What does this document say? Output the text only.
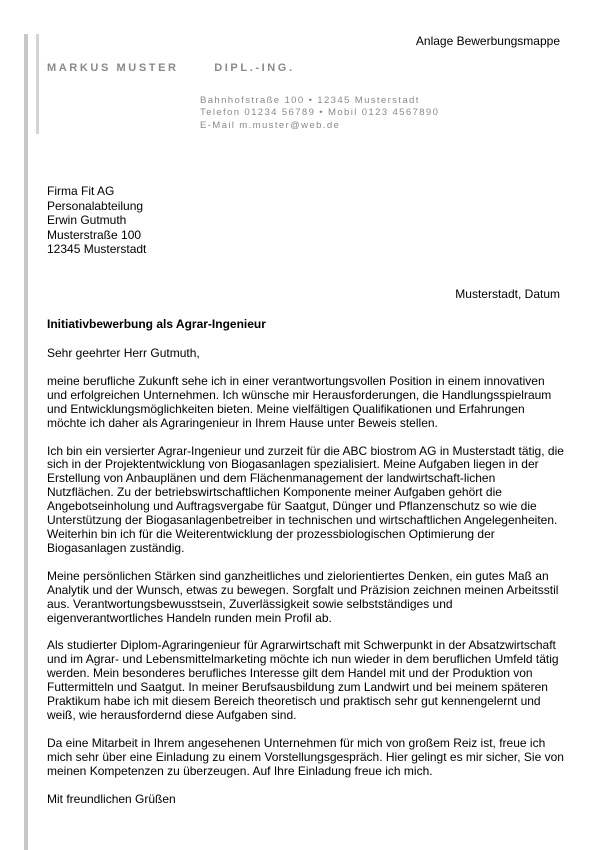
Anlage Bewerbungsmappe
MARKUS MUSTER	DIPL.-ING.
Bahnhofstraße 100 • 12345 Musterstadt
Telefon 01234 56789 • Mobil 0123 4567890
E-Mail m.muster@web.de
Firma Fit AG
Personalabteilung
Erwin Gutmuth
Musterstraße 100
12345 Musterstadt
Musterstadt, Datum
Initiativbewerbung als Agrar-Ingenieur

Sehr geehrter Herr Gutmuth,

meine berufliche Zukunft sehe ich in einer verantwortungsvollen Position in einem innovativen und erfolgreichen Unternehmen. Ich wünsche mir Herausforderungen, die Handlungsspielraum und Entwicklungsmöglichkeiten bieten. Meine vielfältigen Qualifikationen und Erfahrungen möchte ich daher als Agraringenieur in Ihrem Hause unter Beweis stellen.

Ich bin ein versierter Agrar-Ingenieur und zurzeit für die ABC biostrom AG in Musterstadt tätig, die sich in der Projektentwicklung von Biogasanlagen spezialisiert. Meine Aufgaben liegen in der Erstellung von Anbauplänen und dem Flächenmanagement der landwirtschaft-lichen Nutzflächen. Zu der betriebswirtschaftlichen Komponente meiner Aufgaben gehört die Angebotseinholung und Auftragsvergabe für Saatgut, Dünger und Pflanzenschutz so wie die Unterstützung der Biogasanlagenbetreiber in technischen und wirtschaftlichen Angelegenheiten. Weiterhin bin ich für die Weiterentwicklung der prozessbiologischen Optimierung der Biogasanlagen zuständig.

Meine persönlichen Stärken sind ganzheitliches und zielorientiertes Denken, ein gutes Maß an Analytik und der Wunsch, etwas zu bewegen. Sorgfalt und Präzision zeichnen meinen Arbeitsstil aus. Verantwortungsbewusstsein, Zuverlässigkeit sowie selbstständiges und eigenverantwortliches Handeln runden mein Profil ab.

Als studierter Diplom-Agraringenieur für Agrarwirtschaft mit Schwerpunkt in der Absatzwirtschaft und im Agrar- und Lebensmittelmarketing möchte ich nun wieder in dem beruflichen Umfeld tätig werden. Mein besonderes berufliches Interesse gilt dem Handel mit und der Produktion von Futtermitteln und Saatgut. In meiner Berufsausbildung zum Landwirt und bei meinem späteren Praktikum habe ich mit diesem Bereich theoretisch und praktisch sehr gut kennengelernt und weiß, wie herausfordernd diese Aufgaben sind.

Da eine Mitarbeit in Ihrem angesehenen Unternehmen für mich von großem Reiz ist, freue ich mich sehr über eine Einladung zu einem Vorstellungsgespräch. Hier gelingt es mir sicher, Sie von meinen Kompetenzen zu überzeugen. Auf Ihre Einladung freue ich mich.

Mit freundlichen Grüßen
